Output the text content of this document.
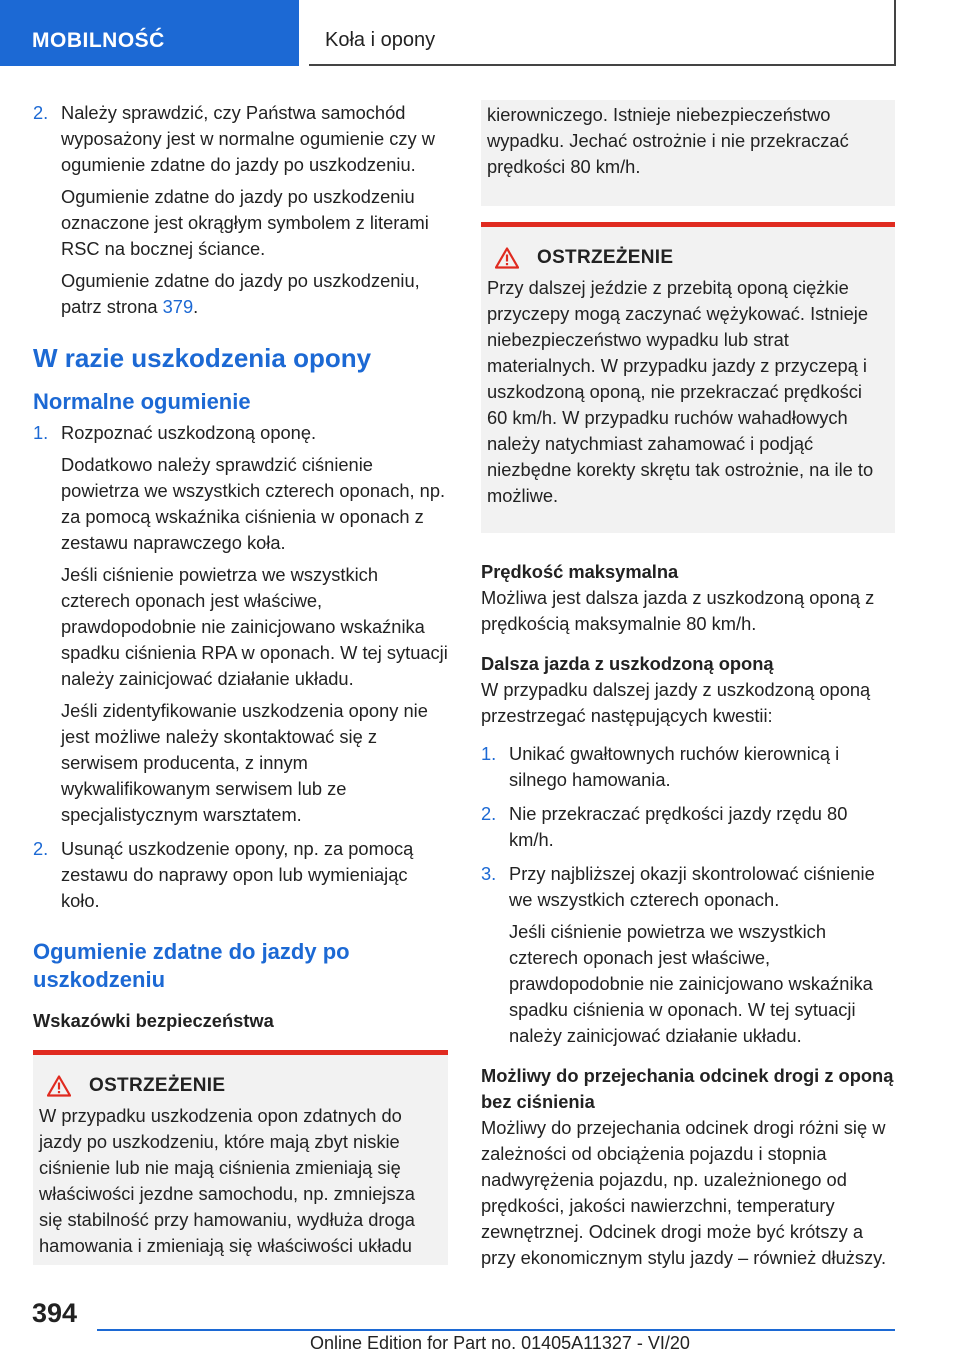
MOBILNOŚĆ	Koła i opony
2. Należy sprawdzić, czy Państwa samochód wyposażony jest w normalne ogumienie czy w ogumienie zdatne do jazdy po uszkodzeniu.

Ogumienie zdatne do jazdy po uszkodzeniu oznaczone jest okrągłym symbolem z literami RSC na bocznej ściance.

Ogumienie zdatne do jazdy po uszkodzeniu, patrz strona 379.

W razie uszkodzenia opony
Normalne ogumienie
1. Rozpoznać uszkodzoną oponę.

Dodatkowo należy sprawdzić ciśnienie powietrza we wszystkich czterech oponach, np. za pomocą wskaźnika ciśnienia w oponach z zestawu naprawczego koła.

Jeśli ciśnienie powietrza we wszystkich czterech oponach jest właściwe, prawdopodobnie nie zainicjowano wskaźnika spadku ciśnienia RPA w oponach. W tej sytuacji należy zainicjować działanie układu.

Jeśli zidentyfikowanie uszkodzenia opony nie jest możliwe należy skontaktować się z serwisem producenta, z innym wykwalifikowanym serwisem lub ze specjalistycznym warsztatem.

2. Usunąć uszkodzenie opony, np. za pomocą zestawu do naprawy opon lub wymieniając koło.

Ogumienie zdatne do jazdy po uszkodzeniu
Wskazówki bezpieczeństwa
OSTRZEŻENIE

W przypadku uszkodzenia opon zdatnych do jazdy po uszkodzeniu, które mają zbyt niskie ciśnienie lub nie mają ciśnienia zmieniają się właściwości jezdne samochodu, np. zmniejsza się stabilność przy hamowaniu, wydłuża droga hamowania i zmieniają się właściwości układu

kierowniczego. Istnieje niebezpieczeństwo wypadku. Jechać ostrożnie i nie przekraczać prędkości 80 km/h.

OSTRZEŻENIE

Przy dalszej jeździe z przebitą oponą ciężkie przyczepy mogą zaczynać wężykować. Istnieje niebezpieczeństwo wypadku lub strat materialnych. W przypadku jazdy z przyczepą i uszkodzoną oponą, nie przekraczać prędkości 60 km/h. W przypadku ruchów wahadłowych należy natychmiast zahamować i podjąć niezbędne korekty skrętu tak ostrożnie, na ile to możliwe.

Prędkość maksymalna

Możliwa jest dalsza jazda z uszkodzoną oponą z prędkością maksymalnie 80 km/h.

Dalsza jazda z uszkodzoną oponą

W przypadku dalszej jazdy z uszkodzoną oponą przestrzegać następujących kwestii:

1. Unikać gwałtownych ruchów kierownicą i silnego hamowania.

2. Nie przekraczać prędkości jazdy rzędu 80 km/h.

3. Przy najbliższej okazji skontrolować ciśnienie we wszystkich czterech oponach.

Jeśli ciśnienie powietrza we wszystkich czterech oponach jest właściwe, prawdopodobnie nie zainicjowano wskaźnika spadku ciśnienia w oponach. W tej sytuacji należy zainicjować działanie układu.

Możliwy do przejechania odcinek drogi z oponą bez ciśnienia

Możliwy do przejechania odcinek drogi różni się w zależności od obciążenia pojazdu i stopnia nadwyrężenia pojazdu, np. uzależnionego od prędkości, jakości nawierzchni, temperatury zewnętrznej. Odcinek drogi może być krótszy a przy ekonomicznym stylu jazdy – również dłuższy.

394
Online Edition for Part no. 01405A11327 - VI/20
